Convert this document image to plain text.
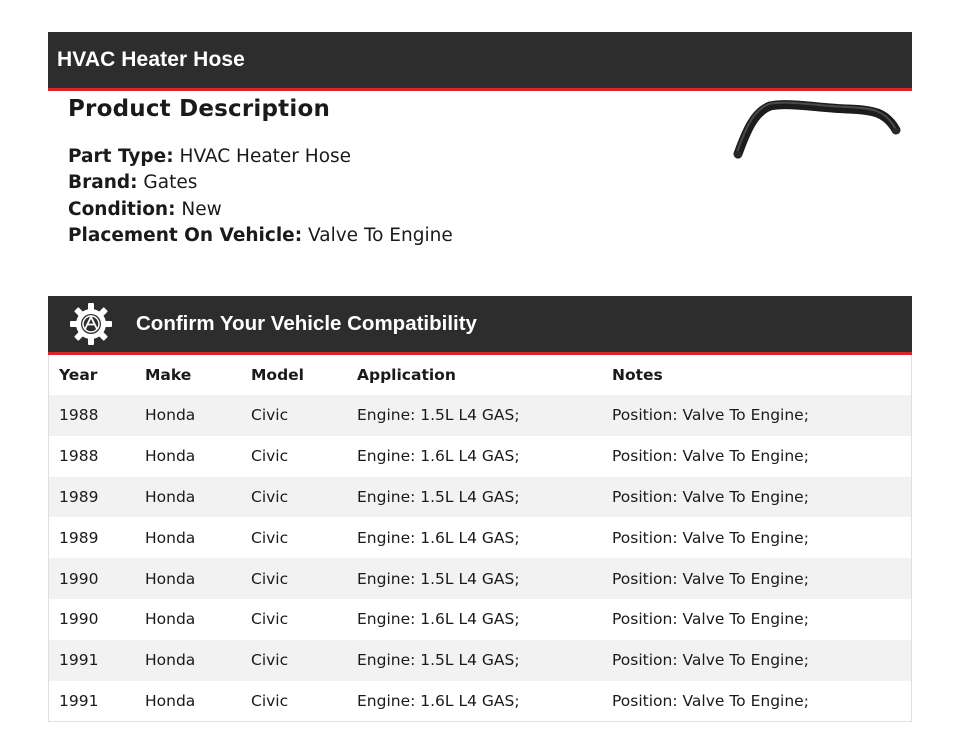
HVAC Heater Hose
Product Description
Part Type: HVAC Heater Hose
Brand: Gates
Condition: New
Placement On Vehicle: Valve To Engine
Confirm Your Vehicle Compatibility
Year	Make	Model	Application	Notes
1988	Honda	Civic	Engine: 1.5L L4 GAS;	Position: Valve To Engine;
1988	Honda	Civic	Engine: 1.6L L4 GAS;	Position: Valve To Engine;
1989	Honda	Civic	Engine: 1.5L L4 GAS;	Position: Valve To Engine;
1989	Honda	Civic	Engine: 1.6L L4 GAS;	Position: Valve To Engine;
1990	Honda	Civic	Engine: 1.5L L4 GAS;	Position: Valve To Engine;
1990	Honda	Civic	Engine: 1.6L L4 GAS;	Position: Valve To Engine;
1991	Honda	Civic	Engine: 1.5L L4 GAS;	Position: Valve To Engine;
1991	Honda	Civic	Engine: 1.6L L4 GAS;	Position: Valve To Engine;
